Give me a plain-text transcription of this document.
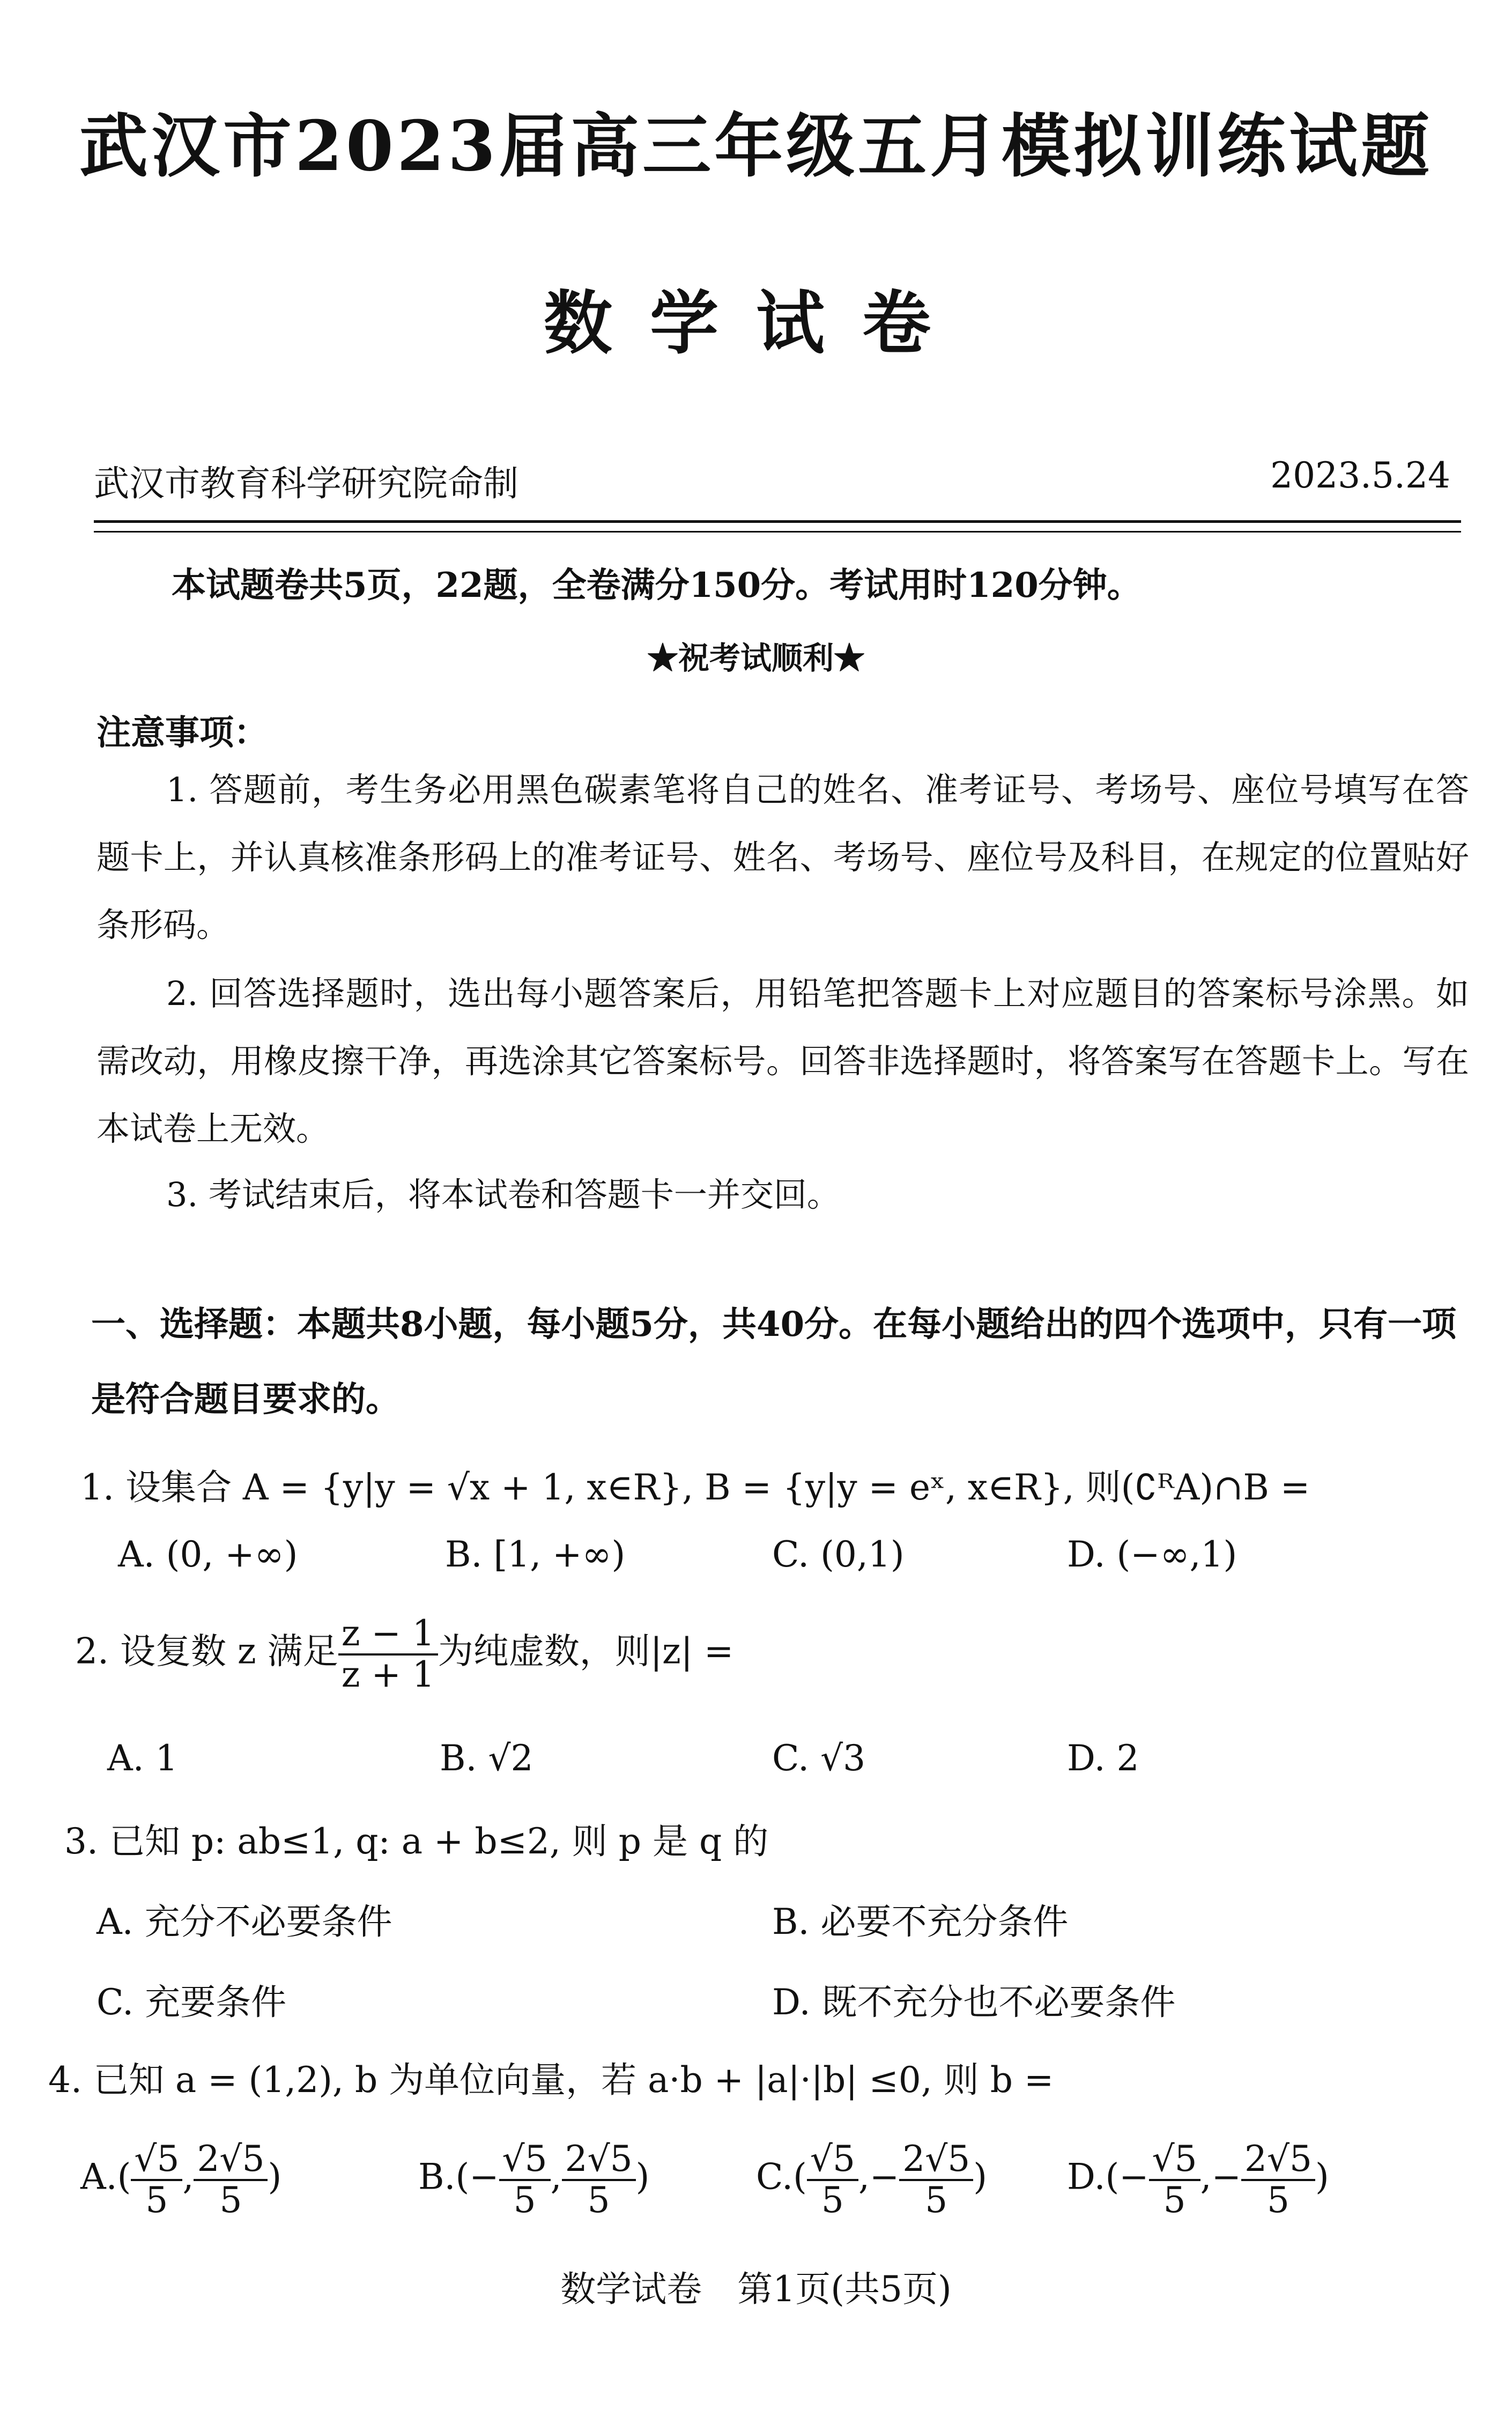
武汉市2023届高三年级五月模拟训练试题
数学试卷
武汉市教育科学研究院命制	2023.5.24
本试题卷共5页，22题，全卷满分150分。考试用时120分钟。
★祝考试顺利★
注意事项：
1. 答题前，考生务必用黑色碳素笔将自己的姓名、准考证号、考场号、座位号填写在答题卡上，并认真核准条形码上的准考证号、姓名、考场号、座位号及科目，在规定的位置贴好条形码。
2. 回答选择题时，选出每小题答案后，用铅笔把答题卡上对应题目的答案标号涂黑。如需改动，用橡皮擦干净，再选涂其它答案标号。回答非选择题时，将答案写在答题卡上。写在本试卷上无效。
3. 考试结束后，将本试卷和答题卡一并交回。
一、选择题：本题共8小题，每小题5分，共40分。在每小题给出的四个选项中，只有一项是符合题目要求的。
1. 设集合 A = {y|y = √x + 1, x∈R}, B = {y|y = eˣ, x∈R}, 则(∁ᴿA)∩B =
A. (0, +∞)	B. [1, +∞)	C. (0,1)	D. (−∞,1)
2. 设复数 z 满足 $\frac{z - 1}{z + 1}$ 为纯虚数，则|z| =
A. 1	B. √2	C. √3	D. 2
3. 已知 p: ab≤1, q: a + b≤2, 则 p 是 q 的
A. 充分不必要条件	B. 必要不充分条件
C. 充要条件	D. 既不充分也不必要条件
4. 已知 a = (1,2), b 为单位向量，若 a·b + |a|·|b| ≤0, 则 b =
$A.( \frac{√5}{5}$ , $\frac{2√5}{5}$ )	$B.(- \frac{√5}{5}$ , $\frac{2√5}{5}$ )	$C.( \frac{√5}{5}$ ,− $\frac{2√5}{5}$ ) $D.(- \frac{√5}{5}$ ,− $\frac{2√5}{5}$ )
数学试卷　第1页(共5页)
